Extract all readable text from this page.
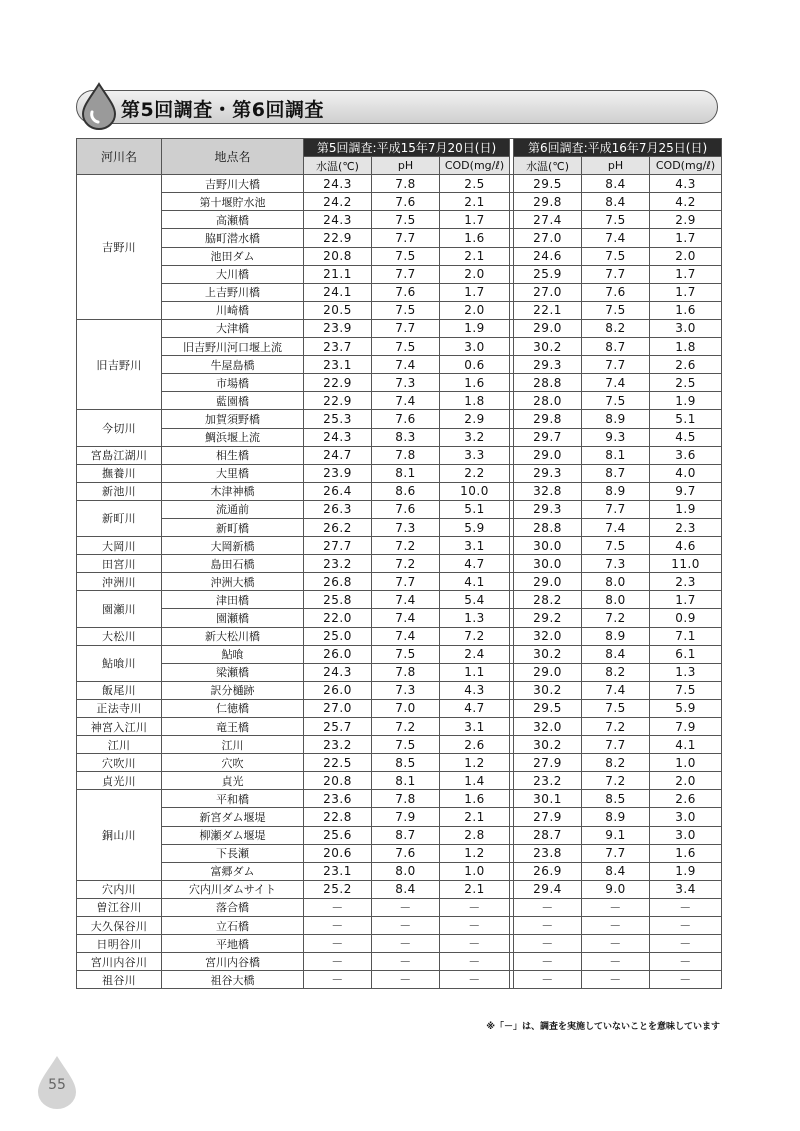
第5回調査・第6回調査
河川名	地点名	第5回調査:平成15年7月20日(日)				第6回調査:平成16年7月25日(日)		
		水温(℃)	pH	COD(mg/ℓ)		水温(℃)	pH	COD(mg/ℓ)
吉野川	吉野川大橋	24.3	7.8	2.5		29.5	8.4	4.3
	第十堰貯水池	24.2	7.6	2.1		29.8	8.4	4.2
	高瀬橋	24.3	7.5	1.7		27.4	7.5	2.9
	脇町潜水橋	22.9	7.7	1.6		27.0	7.4	1.7
	池田ダム	20.8	7.5	2.1		24.6	7.5	2.0
	大川橋	21.1	7.7	2.0		25.9	7.7	1.7
	上吉野川橋	24.1	7.6	1.7		27.0	7.6	1.7
	川崎橋	20.5	7.5	2.0		22.1	7.5	1.6
旧吉野川	大津橋	23.9	7.7	1.9		29.0	8.2	3.0
	旧吉野川河口堰上流	23.7	7.5	3.0		30.2	8.7	1.8
	牛屋島橋	23.1	7.4	0.6		29.3	7.7	2.6
	市場橋	22.9	7.3	1.6		28.8	7.4	2.5
	藍園橋	22.9	7.4	1.8		28.0	7.5	1.9
今切川	加賀須野橋	25.3	7.6	2.9		29.8	8.9	5.1
	鯛浜堰上流	24.3	8.3	3.2		29.7	9.3	4.5
宮島江湖川	相生橋	24.7	7.8	3.3		29.0	8.1	3.6
撫養川	大里橋	23.9	8.1	2.2		29.3	8.7	4.0
新池川	木津神橋	26.4	8.6	10.0		32.8	8.9	9.7
新町川	流通前	26.3	7.6	5.1		29.3	7.7	1.9
	新町橋	26.2	7.3	5.9		28.8	7.4	2.3
大岡川	大岡新橋	27.7	7.2	3.1		30.0	7.5	4.6
田宮川	島田石橋	23.2	7.2	4.7		30.0	7.3	11.0
沖洲川	沖洲大橋	26.8	7.7	4.1		29.0	8.0	2.3
園瀬川	津田橋	25.8	7.4	5.4		28.2	8.0	1.7
	園瀬橋	22.0	7.4	1.3		29.2	7.2	0.9
大松川	新大松川橋	25.0	7.4	7.2		32.0	8.9	7.1
鮎喰川	鮎喰	26.0	7.5	2.4		30.2	8.4	6.1
	梁瀬橋	24.3	7.8	1.1		29.0	8.2	1.3
飯尾川	訳分樋跡	26.0	7.3	4.3		30.2	7.4	7.5
正法寺川	仁徳橋	27.0	7.0	4.7		29.5	7.5	5.9
神宮入江川	竜王橋	25.7	7.2	3.1		32.0	7.2	7.9
江川	江川	23.2	7.5	2.6		30.2	7.7	4.1
穴吹川	穴吹	22.5	8.5	1.2		27.9	8.2	1.0
貞光川	貞光	20.8	8.1	1.4		23.2	7.2	2.0
銅山川	平和橋	23.6	7.8	1.6		30.1	8.5	2.6
	新宮ダム堰堤	22.8	7.9	2.1		27.9	8.9	3.0
	柳瀬ダム堰堤	25.6	8.7	2.8		28.7	9.1	3.0
	下長瀬	20.6	7.6	1.2		23.8	7.7	1.6
	富郷ダム	23.1	8.0	1.0		26.9	8.4	1.9
穴内川	穴内川ダムサイト	25.2	8.4	2.1		29.4	9.0	3.4
曽江谷川	落合橋	－	－	－		－	－	－
大久保谷川	立石橋	－	－	－		－	－	－
日明谷川	平地橋	－	－	－		－	－	－
宮川内谷川	宮川内谷橋	－	－	－		－	－	－
祖谷川	祖谷大橋	－	－	－		－	－	－
※「－」は、調査を実施していないことを意味しています
55
